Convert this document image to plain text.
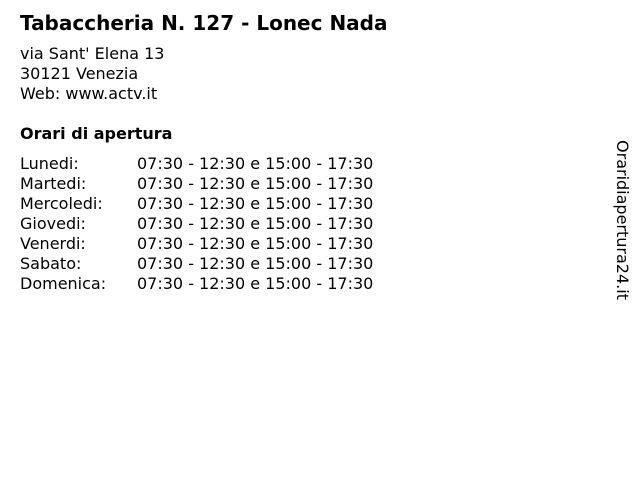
Tabaccheria N. 127 - Lonec Nada
via Sant' Elena 13
30121 Venezia
Web: www.actv.it
Orari di apertura
Lunedi:	07:30 - 12:30 e 15:00 - 17:30
Martedi:	07:30 - 12:30 e 15:00 - 17:30
Mercoledi:	07:30 - 12:30 e 15:00 - 17:30
Giovedi:	07:30 - 12:30 e 15:00 - 17:30
Venerdi:	07:30 - 12:30 e 15:00 - 17:30
Sabato:	07:30 - 12:30 e 15:00 - 17:30
Domenica:	07:30 - 12:30 e 15:00 - 17:30	Oraridiapertura24.it
